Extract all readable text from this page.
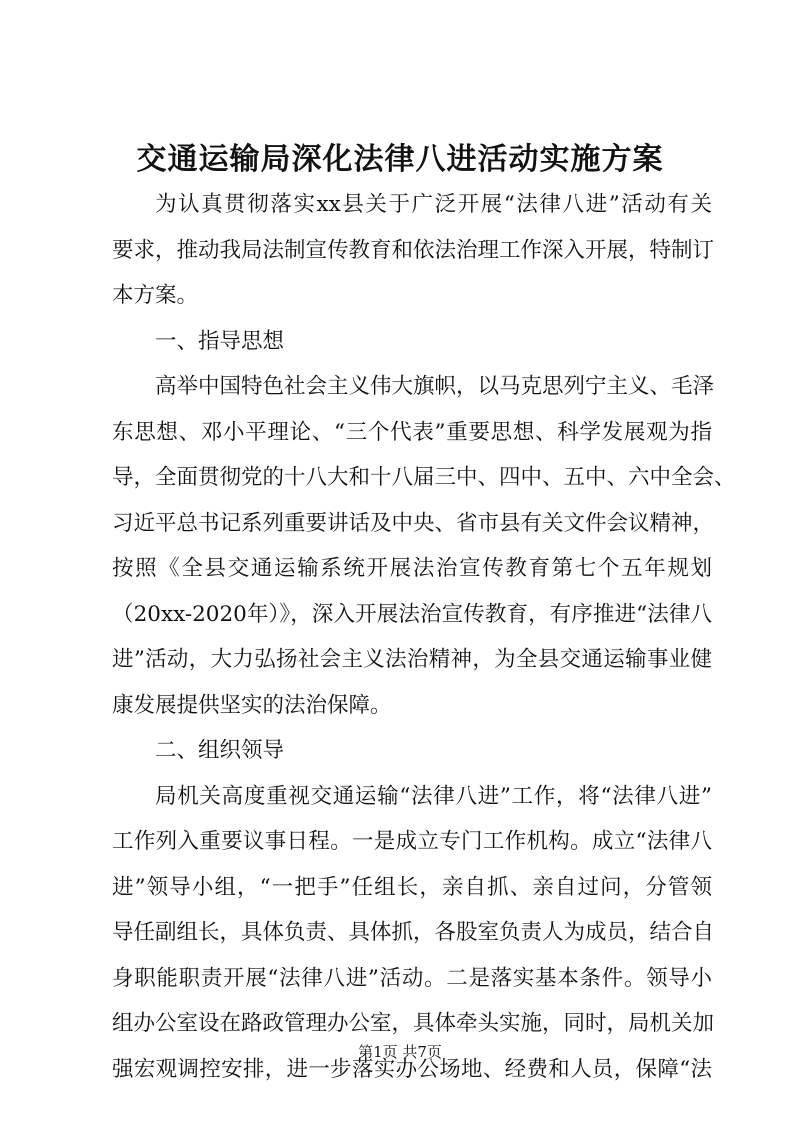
交通运输局深化法律八进活动实施方案
为认真贯彻落实xx县关于广泛开展“法律八进”活动有关
要求，推动我局法制宣传教育和依法治理工作深入开展，特制订
本方案。
一、指导思想
高举中国特色社会主义伟大旗帜，以马克思列宁主义、毛泽
东思想、邓小平理论、“三个代表”重要思想、科学发展观为指
导，全面贯彻党的十八大和十八届三中、四中、五中、六中全会、
习近平总书记系列重要讲话及中央、省市县有关文件会议精神，
按照《全县交通运输系统开展法治宣传教育第七个五年规划
（20xx-2020年）》，深入开展法治宣传教育，有序推进“法律八
进”活动，大力弘扬社会主义法治精神，为全县交通运输事业健
康发展提供坚实的法治保障。
二、组织领导
局机关高度重视交通运输“法律八进”工作，将“法律八进”
工作列入重要议事日程。一是成立专门工作机构。成立“法律八
进”领导小组，“一把手”任组长，亲自抓、亲自过问，分管领
导任副组长，具体负责、具体抓，各股室负责人为成员，结合自
身职能职责开展“法律八进”活动。二是落实基本条件。领导小
组办公室设在路政管理办公室，具体牵头实施，同时，局机关加
强宏观调控安排，进一步落实办公场地、经费和人员，保障“法
第1页 共7页
